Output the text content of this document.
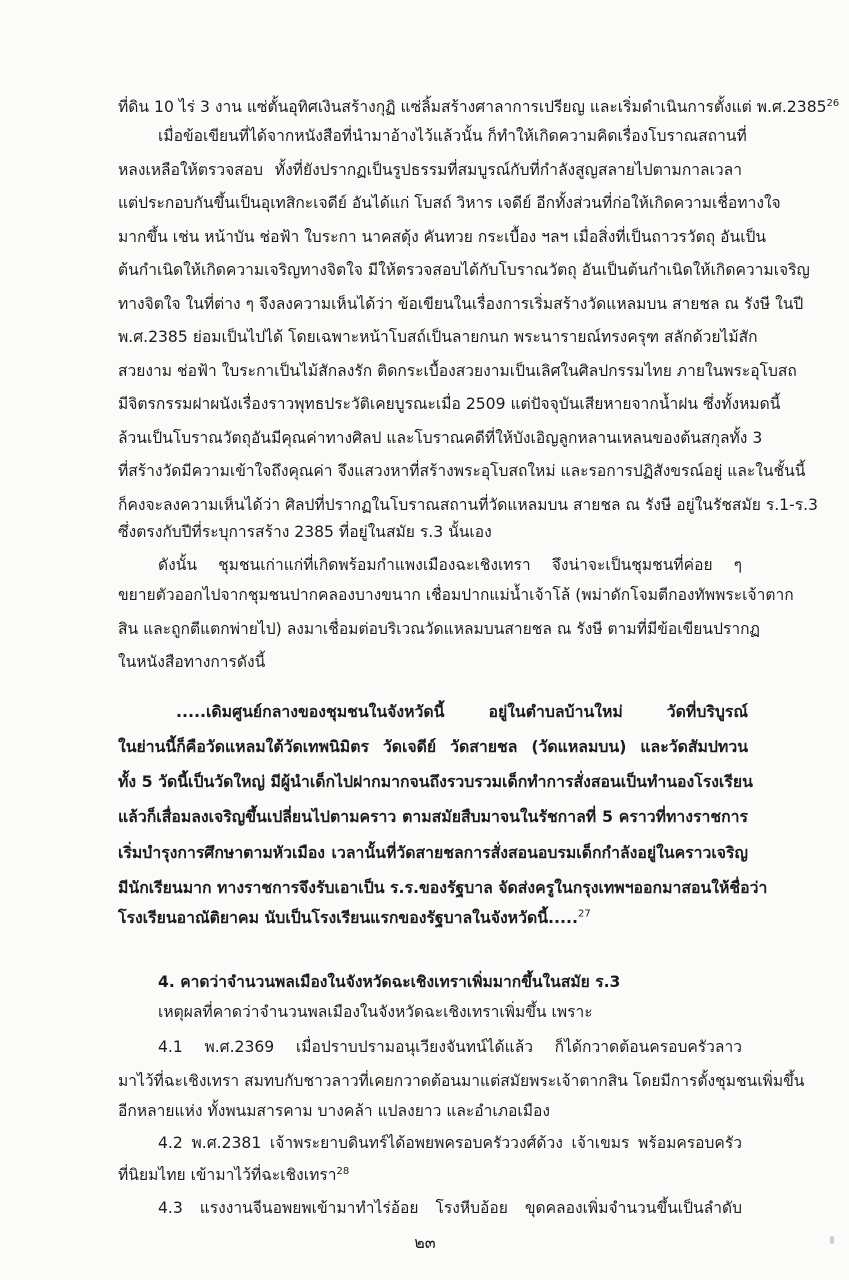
ที่ดิน 10 ไร่ 3 งาน แซ่ตั้นอุทิศเงินสร้างกุฏิ แซ่ลิ้มสร้างศาลาการเปรียญ และเริ่มดำเนินการตั้งแต่ พ.ศ.2385$^{26}$
เมื่อข้อเขียนที่ได้จากหนังสือที่นำมาอ้างไว้แล้วนั้น ก็ทำให้เกิดความคิดเรื่องโบราณสถานที่
หลงเหลือให้ตรวจสอบ ทั้งที่ยังปรากฏเป็นรูปธรรมที่สมบูรณ์กับที่กำลังสูญสลายไปตามกาลเวลา
แต่ประกอบกันขึ้นเป็นอุเทสิกะเจดีย์ อันได้แก่ โบสถ์ วิหาร เจดีย์ อีกทั้งส่วนที่ก่อให้เกิดความเชื่อทางใจ
มากขึ้น เช่น หน้าบัน ช่อฟ้า ใบระกา นาคสดุ้ง คันทวย กระเบื้อง ฯลฯ เมื่อสิ่งที่เป็นถาวรวัตถุ อันเป็น
ต้นกำเนิดให้เกิดความเจริญทางจิตใจ มีให้ตรวจสอบได้กับโบราณวัตถุ อันเป็นต้นกำเนิดให้เกิดความเจริญ
ทางจิตใจ ในที่ต่าง ๆ จึงลงความเห็นได้ว่า ข้อเขียนในเรื่องการเริ่มสร้างวัดแหลมบน สายชล ณ รังษี ในปี
พ.ศ.2385 ย่อมเป็นไปได้ โดยเฉพาะหน้าโบสถ์เป็นลายกนก พระนารายณ์ทรงครุฑ สลักด้วยไม้สัก
สวยงาม ช่อฟ้า ใบระกาเป็นไม้สักลงรัก ติดกระเบื้องสวยงามเป็นเลิศในศิลปกรรมไทย ภายในพระอุโบสถ
มีจิตรกรรมฝาผนังเรื่องราวพุทธประวัติเคยบูรณะเมื่อ 2509 แต่ปัจจุบันเสียหายจากน้ำฝน ซึ่งทั้งหมดนี้
ล้วนเป็นโบราณวัตถุอันมีคุณค่าทางศิลป และโบราณคดีที่ให้บังเอิญลูกหลานเหลนของต้นสกุลทั้ง 3
ที่สร้างวัดมีความเข้าใจถึงคุณค่า จึงแสวงหาที่สร้างพระอุโบสถใหม่ และรอการปฏิสังขรณ์อยู่ และในชั้นนี้
ก็คงจะลงความเห็นได้ว่า ศิลปที่ปรากฏในโบราณสถานที่วัดแหลมบน สายชล ณ รังษี อยู่ในรัชสมัย ร.1-ร.3
ซึ่งตรงกับปีที่ระบุการสร้าง 2385 ที่อยู่ในสมัย ร.3 นั้นเอง
ดังนั้น ชุมชนเก่าแก่ที่เกิดพร้อมกำแพงเมืองฉะเชิงเทรา จึงน่าจะเป็นชุมชนที่ค่อย ๆ
ขยายตัวออกไปจากชุมชนปากคลองบางขนาก เชื่อมปากแม่น้ำเจ้าโล้ (พม่าดักโจมตีกองทัพพระเจ้าตาก
สิน และถูกตีแตกพ่ายไป) ลงมาเชื่อมต่อบริเวณวัดแหลมบนสายชล ณ รังษี ตามที่มีข้อเขียนปรากฏ
ในหนังสือทางการดังนี้
.....เดิมศูนย์กลางของชุมชนในจังหวัดนี้ อยู่ในตำบลบ้านใหม่ วัดที่บริบูรณ์
ในย่านนี้ก็คือวัดแหลมใต้วัดเทพนิมิตร วัดเจดีย์ วัดสายชล (วัดแหลมบน) และวัดสัมปทวน
ทั้ง 5 วัดนี้เป็นวัดใหญ่ มีผู้นำเด็กไปฝากมากจนถึงรวบรวมเด็กทำการสั่งสอนเป็นทำนองโรงเรียน
แล้วก็เสื่อมลงเจริญขึ้นเปลี่ยนไปตามคราว ตามสมัยสืบมาจนในรัชกาลที่ 5 คราวที่ทางราชการ
เริ่มบำรุงการศึกษาตามหัวเมือง เวลานั้นที่วัดสายชลการสั่งสอนอบรมเด็กกำลังอยู่ในคราวเจริญ
มีนักเรียนมาก ทางราชการจึงรับเอาเป็น ร.ร.ของรัฐบาล จัดส่งครูในกรุงเทพฯออกมาสอนให้ชื่อว่า
โรงเรียนอาณัติยาคม นับเป็นโรงเรียนแรกของรัฐบาลในจังหวัดนี้.....$^{27}$
4. คาดว่าจำนวนพลเมืองในจังหวัดฉะเชิงเทราเพิ่มมากขึ้นในสมัย ร.3
เหตุผลที่คาดว่าจำนวนพลเมืองในจังหวัดฉะเชิงเทราเพิ่มขึ้น เพราะ
4.1 พ.ศ.2369 เมื่อปราบปรามอนุเวียงจันทน์ได้แล้ว ก็ได้กวาดต้อนครอบครัวลาว
มาไว้ที่ฉะเชิงเทรา สมทบกับชาวลาวที่เคยกวาดต้อนมาแต่สมัยพระเจ้าตากสิน โดยมีการตั้งชุมชนเพิ่มขึ้น
อีกหลายแห่ง ทั้งพนมสารคาม บางคล้า แปลงยาว และอำเภอเมือง
4.2 พ.ศ.2381 เจ้าพระยาบดินทร์ได้อพยพครอบครัววงศ์ด้วง เจ้าเขมร พร้อมครอบครัว
ที่นิยมไทย เข้ามาไว้ที่ฉะเชิงเทรา$^{28}$
4.3 แรงงานจีนอพยพเข้ามาทำไร่อ้อย โรงหีบอ้อย ขุดคลองเพิ่มจำนวนขึ้นเป็นลำดับ
๒๓
